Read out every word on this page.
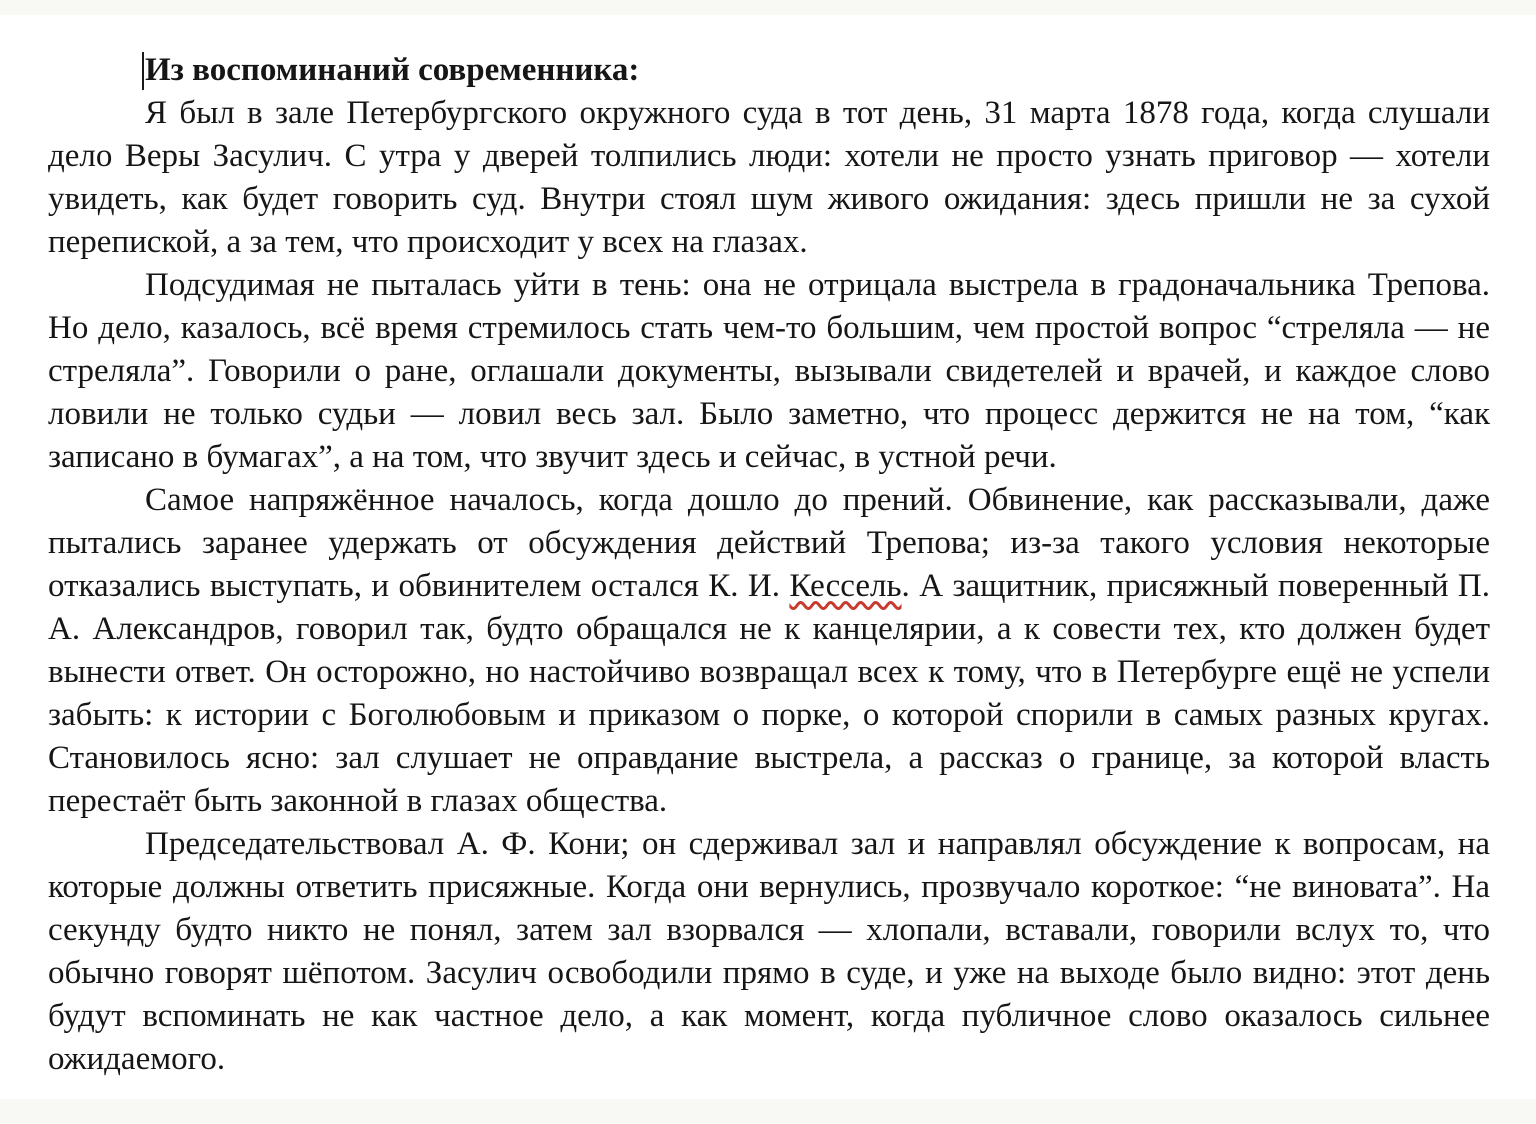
Из воспоминаний современника:

Я был в зале Петербургского окружного суда в тот день, 31 марта 1878 года, когда слушали дело Веры Засулич. С утра у дверей толпились люди: хотели не просто узнать приговор — хотели увидеть, как будет говорить суд. Внутри стоял шум живого ожидания: здесь пришли не за сухой перепиской, а за тем, что происходит у всех на глазах.

Подсудимая не пыталась уйти в тень: она не отрицала выстрела в градоначальника Трепова. Но дело, казалось, всё время стремилось стать чем-то большим, чем простой вопрос “стреляла — не стреляла”. Говорили о ране, оглашали документы, вызывали свидетелей и врачей, и каждое слово ловили не только судьи — ловил весь зал. Было заметно, что процесс держится не на том, “как записано в бумагах”, а на том, что звучит здесь и сейчас, в устной речи.

Самое напряжённое началось, когда дошло до прений. Обвинение, как рассказывали, даже пытались заранее удержать от обсуждения действий Трепова; из-за такого условия некоторые отказались выступать, и обвинителем остался К. И. Кессель. А защитник, присяжный поверенный П. А. Александров, говорил так, будто обращался не к канцелярии, а к совести тех, кто должен будет вынести ответ. Он осторожно, но настойчиво возвращал всех к тому, что в Петербурге ещё не успели забыть: к истории с Боголюбовым и приказом о порке, о которой спорили в самых разных кругах. Становилось ясно: зал слушает не оправдание выстрела, а рассказ о границе, за которой власть перестаёт быть законной в глазах общества.

Председательствовал А. Ф. Кони; он сдерживал зал и направлял обсуждение к вопросам, на которые должны ответить присяжные. Когда они вернулись, прозвучало короткое: “не виновата”. На секунду будто никто не понял, затем зал взорвался — хлопали, вставали, говорили вслух то, что обычно говорят шёпотом. Засулич освободили прямо в суде, и уже на выходе было видно: этот день будут вспоминать не как частное дело, а как момент, когда публичное слово оказалось сильнее ожидаемого.
